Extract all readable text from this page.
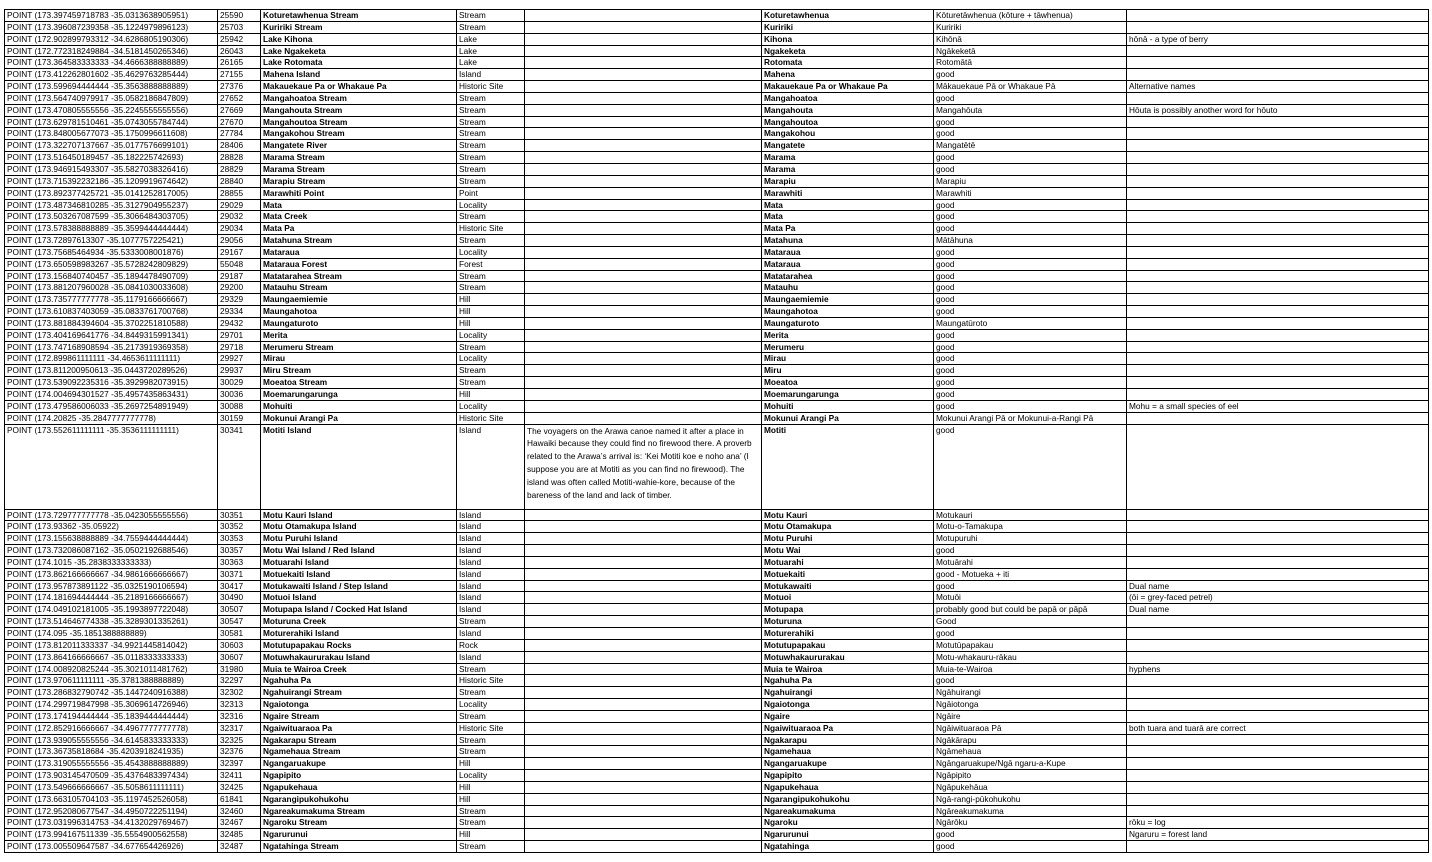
POINT (173.397459718783 -35.0313638905951)	25590	Koturetawhenua Stream	Stream		Koturetawhenua	Kōturetāwhenua (kōture + tāwhenua)	
POINT (173.396087239358 -35.1224979896123)	25703	Kuririki Stream	Stream		Kuririki	Kuririki	
POINT (172.902899793312 -34.6286805190306)	25942	Lake Kihona	Lake		Kihona	Kihōnā	hōnā - a type of berry
POINT (172.772318249884 -34.5181450265346)	26043	Lake Ngakeketa	Lake		Ngakeketa	Ngākeketā	
POINT (173.364583333333 -34.4666388888889)	26165	Lake Rotomata	Lake		Rotomata	Rotomātā	
POINT (173.412262801602 -35.4629763285444)	27155	Mahena Island	Island		Mahena	good	
POINT (173.599694444444 -35.3563888888889)	27376	Makauekaue Pa or Whakaue Pa	Historic Site		Makauekaue Pa or Whakaue Pa	Mākauekaue Pā or Whakaue Pā	Alternative names
POINT (173.564740979917 -35.0582186847809)	27652	Mangahoatoa Stream	Stream		Mangahoatoa	good	
POINT (173.470805555556 -35.2245555555556)	27669	Mangahouta Stream	Stream		Mangahouta	Mangahōuta	Hōuta is possibly another word for hōuto
POINT (173.629781510461 -35.0743055784744)	27670	Mangahoutoa Stream	Stream		Mangahoutoa	good	
POINT (173.848005677073 -35.1750996611608)	27784	Mangakohou Stream	Stream		Mangakohou	good	
POINT (173.322707137667 -35.0177576699101)	28406	Mangatete River	Stream		Mangatete	Mangatētē	
POINT (173.516450189457 -35.182225742693)	28828	Marama Stream	Stream		Marama	good	
POINT (173.946915493307 -35.5827038326416)	28829	Marama Stream	Stream		Marama	good	
POINT (173.715392232186 -35.1209919674642)	28840	Marapiu Stream	Stream		Marapiu	Marapiu	
POINT (173.892377425721 -35.0141252817005)	28855	Marawhiti Point	Point		Marawhiti	Marawhiti	
POINT (173.487346810285 -35.3127904955237)	29029	Mata	Locality		Mata	good	
POINT (173.503267087599 -35.3066484303705)	29032	Mata Creek	Stream		Mata	good	
POINT (173.578388888889 -35.3599444444444)	29034	Mata Pa	Historic Site		Mata Pa	good	
POINT (173.72897613307 -35.1077757225421)	29056	Matahuna Stream	Stream		Matahuna	Mātāhuna	
POINT (173.75685464934 -35.5333008001876)	29167	Mataraua	Locality		Mataraua	good	
POINT (173.650598983267 -35.5728242809829)	55048	Mataraua Forest	Forest		Mataraua	good	
POINT (173.156840740457 -35.1894478490709)	29187	Matatarahea Stream	Stream		Matatarahea	good	
POINT (173.881207960028 -35.0841030033608)	29200	Matauhu Stream	Stream		Matauhu	good	
POINT (173.735777777778 -35.1179166666667)	29329	Maungaemiemie	Hill		Maungaemiemie	good	
POINT (173.610837403059 -35.0833761700768)	29334	Maungahotoa	Hill		Maungahotoa	good	
POINT (173.881884394604 -35.3702251810588)	29432	Maungaturoto	Hill		Maungaturoto	Maungatūroto	
POINT (173.404169641776 -34.8449315991341)	29701	Merita	Locality		Merita	good	
POINT (173.747168908594 -35.2173919369358)	29718	Merumeru Stream	Stream		Merumeru	good	
POINT (172.899861111111 -34.4653611111111)	29927	Mirau	Locality		Mirau	good	
POINT (173.811200950613 -35.0443720289526)	29937	Miru Stream	Stream		Miru	good	
POINT (173.539092235316 -35.3929982073915)	30029	Moeatoa Stream	Stream		Moeatoa	good	
POINT (174.004694301527 -35.4957435863431)	30036	Moemarungarunga	Hill		Moemarungarunga	good	
POINT (173.479586006033 -35.2697254891949)	30088	Mohuiti	Locality		Mohuiti	good	Mohu = a small species of eel
POINT (174.20825 -35.2847777777778)	30159	Mokunui Arangi Pa	Historic Site		Mokunui Arangi Pa	Mokunui Arangi Pā or Mokunui-a-Rangi Pā	
POINT (173.552611111111 -35.3536111111111)	30341	Motiti Island	Island	The voyagers on the Arawa canoe named it after a place in Hawaiki because they could find no firewood there. A proverb related to the Arawa’s arrival is: ‘Kei Motiti koe e noho ana’ (I suppose you are at Motiti as you can find no firewood). The island was often called Motiti-wahie-kore, because of the bareness of the land and lack of timber.	Motiti	good	
POINT (173.729777777778 -35.0423055555556)	30351	Motu Kauri Island	Island		Motu Kauri	Motukauri	
POINT (173.93362 -35.05922)	30352	Motu Otamakupa Island	Island		Motu Otamakupa	Motu-o-Tamakupa	
POINT (173.155638888889 -34.7559444444444)	30353	Motu Puruhi Island	Island		Motu Puruhi	Motupuruhi	
POINT (173.732086087162 -35.0502192688546)	30357	Motu Wai Island / Red Island	Island		Motu Wai	good	
POINT (174.1015 -35.2838333333333)	30363	Motuarahi Island	Island		Motuarahi	Motuārahi	
POINT (173.862166666667 -34.9861666666667)	30371	Motuekaiti Island	Island		Motuekaiti	good - Motueka + iti	
POINT (173.957873891122 -35.0325190106594)	30417	Motukawaiti Island / Step Island	Island		Motukawaiti	good	Dual name
POINT (174.181694444444 -35.2189166666667)	30490	Motuoi Island	Island		Motuoi	Motuōi	(ōi = grey-faced petrel)
POINT (174.049102181005 -35.1993897722048)	30507	Motupapa Island / Cocked Hat Island	Island		Motupapa	probably good but could be papā or pāpā	Dual name
POINT (173.514646774338 -35.3289301335261)	30547	Moturuna Creek	Stream		Moturuna	Good	
POINT (174.095 -35.1851388888889)	30581	Moturerahiki Island	Island		Moturerahiki	good	
POINT (173.812011333337 -34.9921445814042)	30603	Motutupapakau Rocks	Rock		Motutupapakau	Motutūpapakau	
POINT (173.864166666667 -35.0118333333333)	30607	Motuwhakaururakau Island	Island		Motuwhakaururakau	Motu-whakauru-rākau	
POINT (174.008920825244 -35.3021011481762)	31980	Muia te Wairoa Creek	Stream		Muia te Wairoa	Muia-te-Wairoa	hyphens
POINT (173.970611111111 -35.3781388888889)	32297	Ngahuha Pa	Historic Site		Ngahuha Pa	good	
POINT (173.286832790742 -35.1447240916388)	32302	Ngahuirangi Stream	Stream		Ngahuirangi	Ngāhuirangi	
POINT (174.299719847998 -35.3069614726946)	32313	Ngaiotonga	Locality		Ngaiotonga	Ngāiotonga	
POINT (173.174194444444 -35.1839444444444)	32316	Ngaire Stream	Stream		Ngaire	Ngāire	
POINT (172.852916666667 -34.4967777777778)	32317	Ngaiwituaraoa Pa	Historic Site		Ngaiwituaraoa Pa	Ngāiwituaraoa Pā	both tuara and tuarā are correct
POINT (173.939055555556 -34.6145833333333)	32325	Ngakarapu Stream	Stream		Ngakarapu	Ngākārapu	
POINT (173.36735818684 -35.4203918241935)	32376	Ngamehaua Stream	Stream		Ngamehaua	Ngāmehaua	
POINT (173.319055555556 -35.4543888888889)	32397	Ngangaruakupe	Hill		Ngangaruakupe	Ngāngaruakupe/Ngā ngaru-a-Kupe	
POINT (173.903145470509 -35.4376483397434)	32411	Ngapipito	Locality		Ngapipito	Ngāpipito	
POINT (173.549666666667 -35.5058611111111)	32425	Ngapukehaua	Hill		Ngapukehaua	Ngāpukehāua	
POINT (173.663105704103 -35.1197452526058)	61841	Ngarangipukohukohu	Hill		Ngarangipukohukohu	Ngā-rangi-pūkohukohu	
POINT (172.952080677547 -34.4950722251194)	32460	Ngareakumakuma Stream	Stream		Ngareakumakuma	Ngāreakumakuma	
POINT (173.031996314753 -34.4132029769467)	32467	Ngaroku Stream	Stream		Ngaroku	Ngārōku	rōku = log
POINT (173.994167511339 -35.5554900562558)	32485	Ngarurunui	Hill		Ngarurunui	good	Ngaruru = forest land
POINT (173.005509647587 -34.677654426926)	32487	Ngatahinga Stream	Stream		Ngatahinga	good	
